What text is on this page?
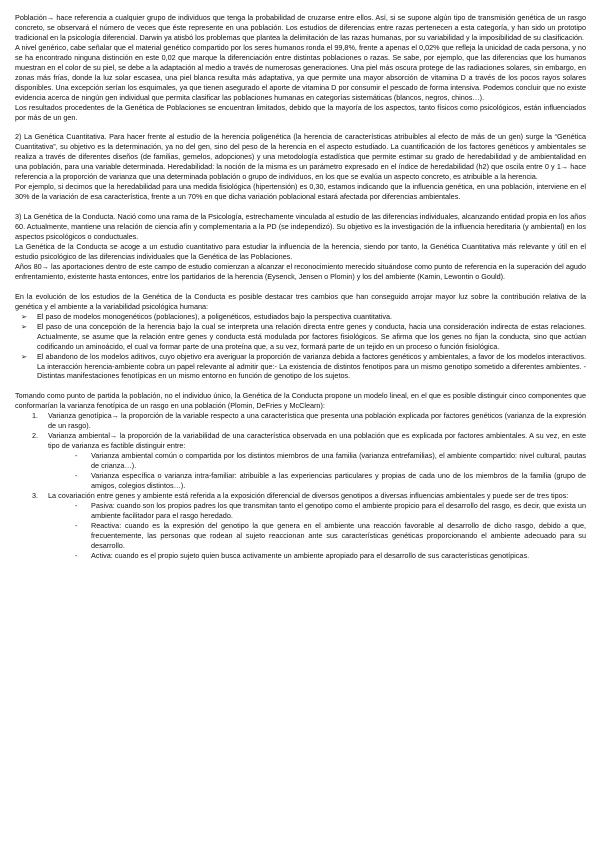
Población→ hace referencia a cualquier grupo de individuos que tenga la probabilidad de cruzarse entre ellos. Así, si se supone algún tipo de transmisión genética de un rasgo concreto, se observará el número de veces que éste represente en una población. Los estudios de diferencias entre razas pertenecen a esta categoría, y han sido un prototipo tradicional en la psicología diferencial. Darwin ya atisbó los problemas que plantea la delimitación de las razas humanas, por su variabilidad y la imposibilidad de su clasificación.

A nivel genérico, cabe señalar que el material genético compartido por los seres humanos ronda el 99,8%, frente a apenas el 0,02% que refleja la unicidad de cada persona, y no se ha encontrado ninguna distinción en este 0,02 que marque la diferenciación entre distintas poblaciones o razas. Se sabe, por ejemplo, que las diferencias que los humanos muestran en el color de su piel, se debe a la adaptación al medio a través de numerosas generaciones. Una piel más oscura protege de las radiaciones solares, sin embargo, en zonas más frías, donde la luz solar escasea, una piel blanca resulta más adaptativa, ya que permite una mayor absorción de vitamina D a través de los pocos rayos solares disponibles. Una excepción serían los esquimales, ya que tienen asegurado el aporte de vitamina D por consumir el pescado de forma intensiva. Podemos concluir que no existe evidencia acerca de ningún gen individual que permita clasificar las poblaciones humanas en categorías sistemáticas (blancos, negros, chinos…).

Los resultados procedentes de la Genética de Poblaciones se encuentran limitados, debido que la mayoría de los aspectos, tanto físicos como psicológicos, están influenciados por más de un gen.

2) La Genética Cuantitativa. Para hacer frente al estudio de la herencia poligenética (la herencia de características atribuibles al efecto de más de un gen) surge la “Genética Cuantitativa”, su objetivo es la determinación, ya no del gen, sino del peso de la herencia en el aspecto estudiado. La cuantificación de los factores genéticos y ambientales se realiza a través de diferentes diseños (de familias, gemelos, adopciones) y una metodología estadística que permite estimar su grado de heredabilidad y de ambientalidad en una población, para una variable determinada. Heredabilidad: la noción de la misma es un parámetro expresado en el índice de heredabilidad (h2) que oscila entre 0 y 1→ hace referencia a la proporción de varianza que una determinada población o grupo de individuos, en los que se evalúa un aspecto concreto, es atribuible a la herencia.

Por ejemplo, si decimos que la heredabilidad para una medida fisiológica (hipertensión) es 0,30, estamos indicando que la influencia genética, en una población, interviene en el 30% de la variación de esa característica, frente a un 70% en que dicha variación poblacional estará afectada por diferencias ambientales.

3) La Genética de la Conducta. Nació como una rama de la Psicología, estrechamente vinculada al estudio de las diferencias individuales, alcanzando entidad propia en los años 60. Actualmente, mantiene una relación de ciencia afín y complementaria a la PD (se independizó). Su objetivo es la investigación de la influencia hereditaria (y ambiental) en los aspectos psicológicos o conductuales.

La Genética de la Conducta se acoge a un estudio cuantitativo para estudiar la influencia de la herencia, siendo por tanto, la Genética Cuantitativa más relevante y útil en el estudio psicológico de las diferencias individuales que la Genética de las Poblaciones.

Años 80→ las aportaciones dentro de este campo de estudio comienzan a alcanzar el reconocimiento merecido situándose como punto de referencia en la superación del agudo enfrentamiento, existente hasta entonces, entre los partidarios de la herencia (Eysenck, Jensen o Plomin) y los del ambiente (Kamin, Lewontin o Gould).

En la evolución de los estudios de la Genética de la Conducta es posible destacar tres cambios que han conseguido arrojar mayor luz sobre la contribución relativa de la genética y el ambiente a la variabilidad psicológica humana:

➢	El paso de modelos monogenéticos (poblaciones), a poligenéticos, estudiados bajo la perspectiva cuantitativa.
➢	El paso de una concepción de la herencia bajo la cual se interpreta una relación directa entre genes y conducta, hacia una consideración indirecta de estas relaciones. Actualmente, se asume que la relación entre genes y conducta está modulada por factores fisiológicos. Se afirma que los genes no fijan la conducta, sino que actúan codificando un aminoácido, el cual va formar parte de una proteína que, a su vez, formará parte de un tejido en un proceso o función fisiológica.
➢	El abandono de los modelos aditivos, cuyo objetivo era averiguar la proporción de varianza debida a factores genéticos y ambientales, a favor de los modelos interactivos. La interacción herencia-ambiente cobra un papel relevante al admitir que:- La existencia de distintos fenotipos para un mismo genotipo sometido a diferentes ambientes. - Distintas manifestaciones fenotípicas en un mismo entorno en función de genotipo de los sujetos.

Tomando como punto de partida la población, no el individuo único, la Genética de la Conducta propone un modelo lineal, en el que es posible distinguir cinco componentes que conformarían la varianza fenotípica de un rasgo en una población (Plomin, DeFries y McClearn):

1.	Varianza genotípica→ la proporción de la variable respecto a una característica que presenta una población explicada por factores genéticos (varianza de la expresión de un rasgo).
2.	Varianza ambiental→ la proporción de la variabilidad de una característica observada en una población que es explicada por factores ambientales. A su vez, en este tipo de varianza es factible distinguir entre:
-	Varianza ambiental común o compartida por los distintos miembros de una familia (varianza entrefamilias), el ambiente compartido: nivel cultural, pautas de crianza…).
-	Varianza específica o varianza intra-familiar: atribuible a las experiencias particulares y propias de cada uno de los miembros de la familia (grupo de amigos, colegios distintos…).
3.	La covariación entre genes y ambiente está referida a la exposición diferencial de diversos genotipos a diversas influencias ambientales y puede ser de tres tipos:
-	Pasiva: cuando son los propios padres los que transmitan tanto el genotipo como el ambiente propicio para el desarrollo del rasgo, es decir, que exista un ambiente facilitador para el rasgo heredado.
-	Reactiva: cuando es la expresión del genotipo la que genera en el ambiente una reacción favorable al desarrollo de dicho rasgo, debido a que, frecuentemente, las personas que rodean al sujeto reaccionan ante sus características genéticas proporcionando el ambiente adecuado para su desarrollo.
-	Activa: cuando es el propio sujeto quien busca activamente un ambiente apropiado para el desarrollo de sus características genotípicas.
